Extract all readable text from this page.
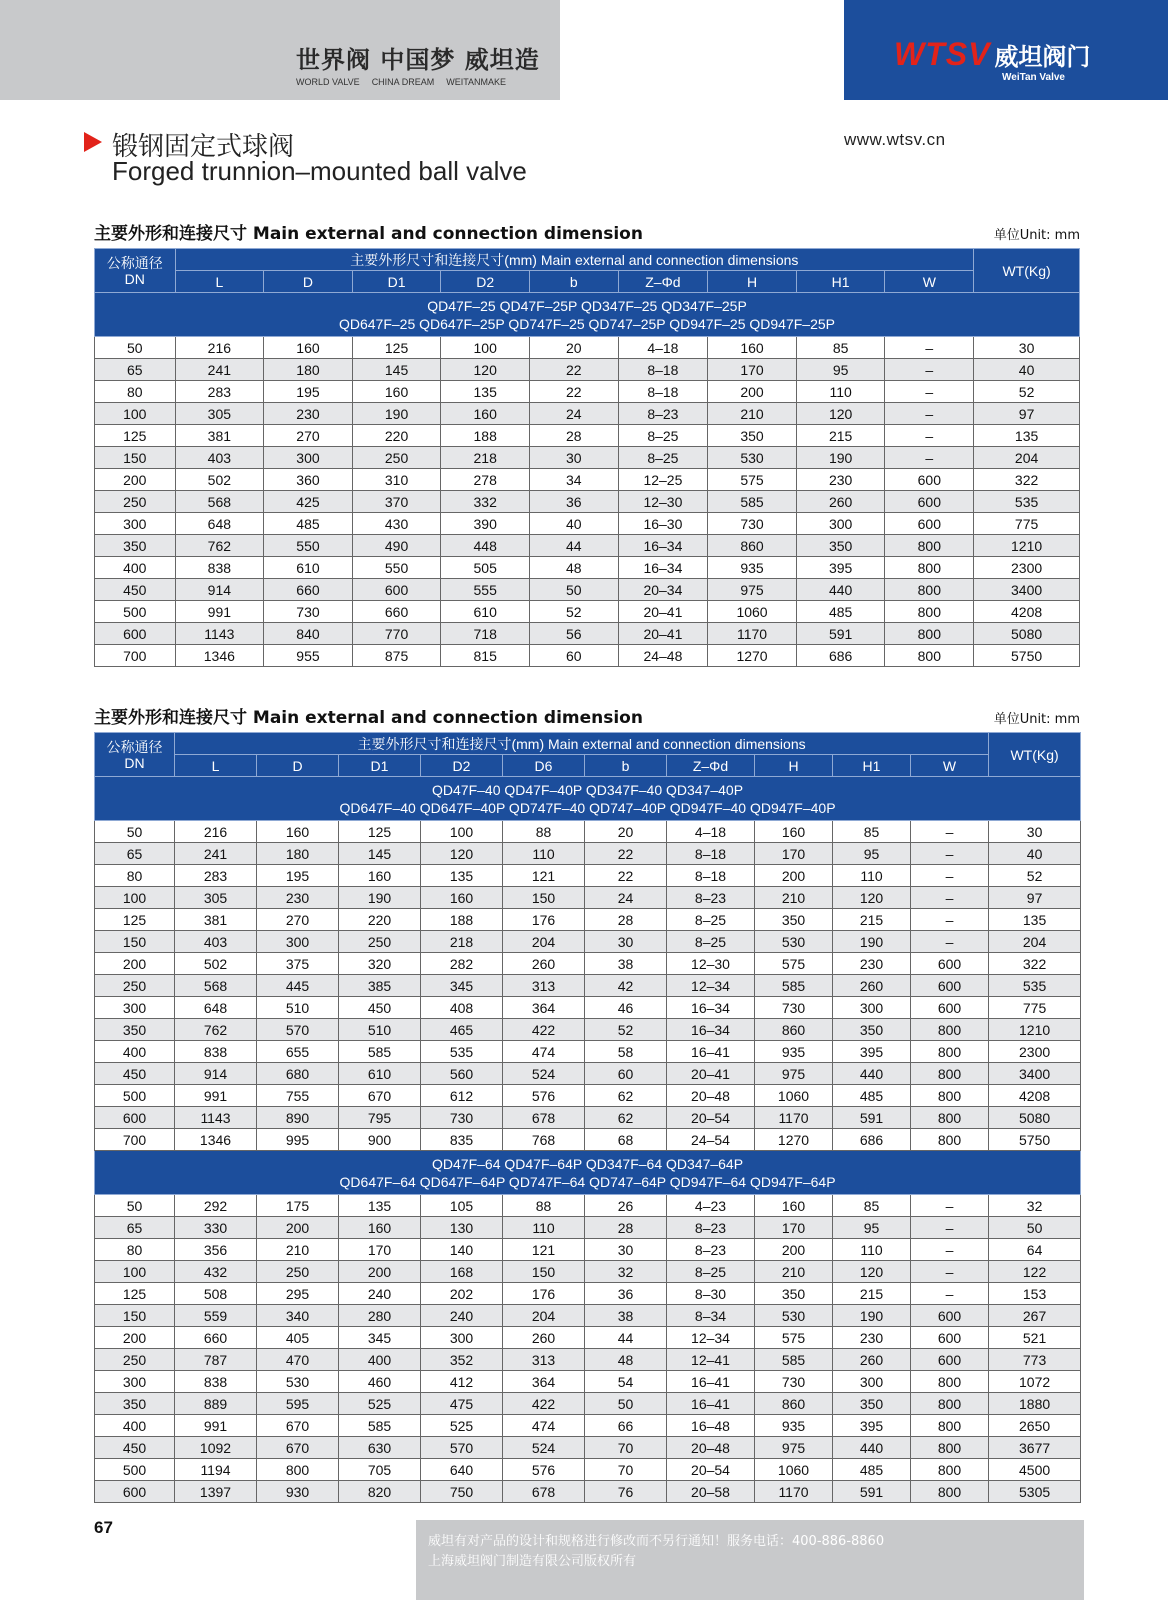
世界阀 中国梦 威坦造
WORLD VALVE CHINA DREAM WEITANMAKE
WTSV 威坦阀门
WeiTan Valve
锻钢固定式球阀
Forged trunnion–mounted ball valve
www.wtsv.cn
主要外形和连接尺寸 Main external and connection dimension	单位Unit: mm
公称通径
DN	主要外形尺寸和连接尺寸(mm) Main external and connection dimensions									WT(Kg)
	L	D	D1	D2	b	Z–Φd	H	H1	W	

QD47F–25 QD47F–25P QD347F–25 QD347F–25P
QD647F–25 QD647F–25P QD747F–25 QD747–25P QD947F–25 QD947F–25P										

50	216	160	125	100	20	4–18	160	85	–	30
65	241	180	145	120	22	8–18	170	95	–	40
80	283	195	160	135	22	8–18	200	110	–	52
100	305	230	190	160	24	8–23	210	120	–	97
125	381	270	220	188	28	8–25	350	215	–	135
150	403	300	250	218	30	8–25	530	190	–	204
200	502	360	310	278	34	12–25	575	230	600	322
250	568	425	370	332	36	12–30	585	260	600	535
300	648	485	430	390	40	16–30	730	300	600	775
350	762	550	490	448	44	16–34	860	350	800	1210
400	838	610	550	505	48	16–34	935	395	800	2300
450	914	660	600	555	50	20–34	975	440	800	3400
500	991	730	660	610	52	20–41	1060	485	800	4208
600	1143	840	770	718	56	20–41	1170	591	800	5080
700	1346	955	875	815	60	24–48	1270	686	800	5750
主要外形和连接尺寸 Main external and connection dimension	单位Unit: mm
公称通径
DN	主要外形尺寸和连接尺寸(mm) Main external and connection dimensions										WT(Kg)
	L	D	D1	D2	D6	b	Z–Φd	H	H1	W	

QD47F–40 QD47F–40P QD347F–40 QD347–40P
QD647F–40 QD647F–40P QD747F–40 QD747–40P QD947F–40 QD947F–40P											

50	216	160	125	100	88	20	4–18	160	85	–	30
65	241	180	145	120	110	22	8–18	170	95	–	40
80	283	195	160	135	121	22	8–18	200	110	–	52
100	305	230	190	160	150	24	8–23	210	120	–	97
125	381	270	220	188	176	28	8–25	350	215	–	135
150	403	300	250	218	204	30	8–25	530	190	–	204
200	502	375	320	282	260	38	12–30	575	230	600	322
250	568	445	385	345	313	42	12–34	585	260	600	535
300	648	510	450	408	364	46	16–34	730	300	600	775
350	762	570	510	465	422	52	16–34	860	350	800	1210
400	838	655	585	535	474	58	16–41	935	395	800	2300
450	914	680	610	560	524	60	20–41	975	440	800	3400
500	991	755	670	612	576	62	20–48	1060	485	800	4208
600	1143	890	795	730	678	62	20–54	1170	591	800	5080
700	1346	995	900	835	768	68	24–54	1270	686	800	5750

QD47F–64 QD47F–64P QD347F–64 QD347–64P
QD647F–64 QD647F–64P QD747F–64 QD747–64P QD947F–64 QD947F–64P											

50	292	175	135	105	88	26	4–23	160	85	–	32
65	330	200	160	130	110	28	8–23	170	95	–	50
80	356	210	170	140	121	30	8–23	200	110	–	64
100	432	250	200	168	150	32	8–25	210	120	–	122
125	508	295	240	202	176	36	8–30	350	215	–	153
150	559	340	280	240	204	38	8–34	530	190	600	267
200	660	405	345	300	260	44	12–34	575	230	600	521
250	787	470	400	352	313	48	12–41	585	260	600	773
300	838	530	460	412	364	54	16–41	730	300	800	1072
350	889	595	525	475	422	50	16–41	860	350	800	1880
400	991	670	585	525	474	66	16–48	935	395	800	2650
450	1092	670	630	570	524	70	20–48	975	440	800	3677
500	1194	800	705	640	576	70	20–54	1060	485	800	4500
600	1397	930	820	750	678	76	20–58	1170	591	800	5305
67
威坦有对产品的设计和规格进行修改而不另行通知！服务电话：400-886-8860
上海威坦阀门制造有限公司版权所有
